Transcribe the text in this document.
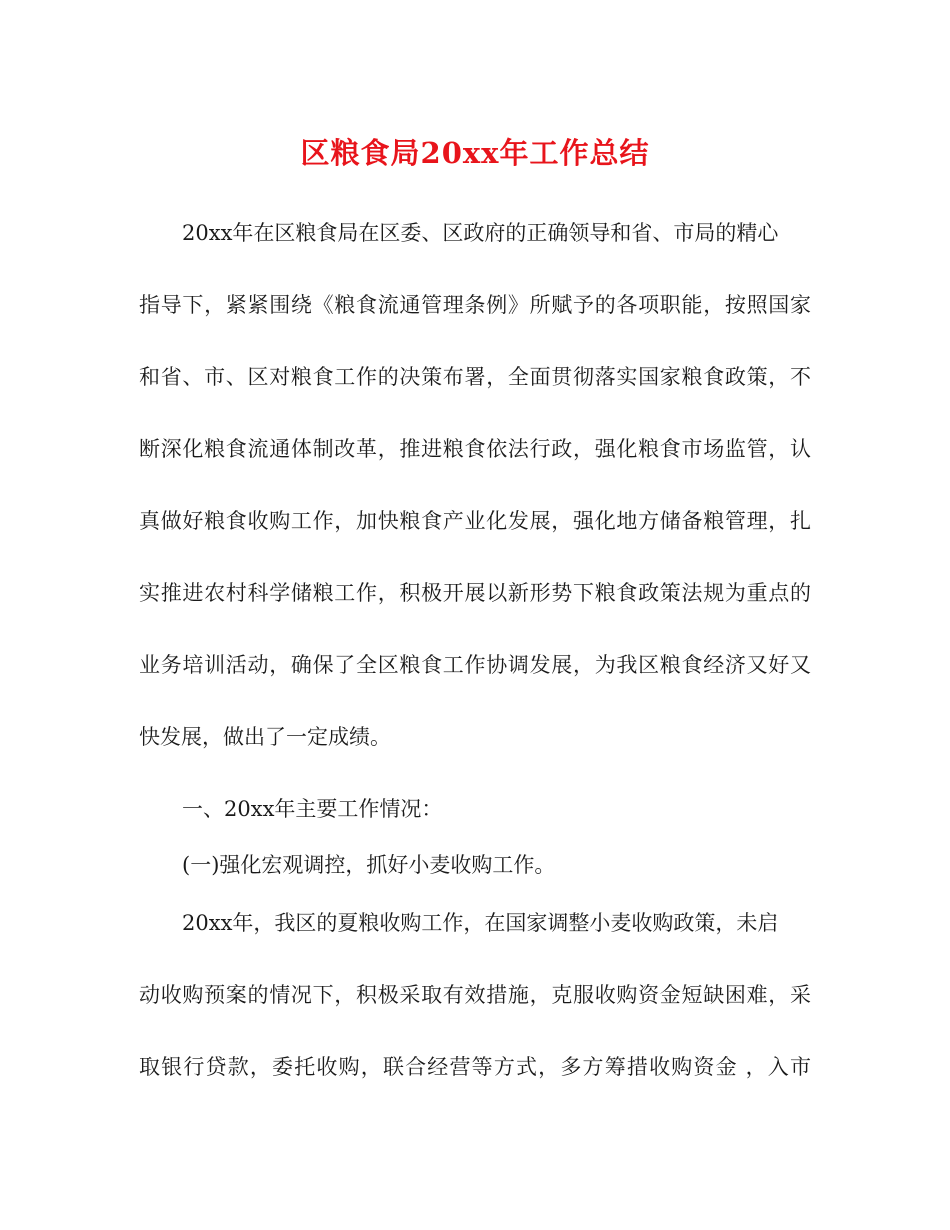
区粮食局20xx年工作总结
20xx年在区粮食局在区委、区政府的正确领导和省、市局的精心
指导下，紧紧围绕《粮食流通管理条例》所赋予的各项职能，按照国家
和省、市、区对粮食工作的决策布署，全面贯彻落实国家粮食政策，不
断深化粮食流通体制改革，推进粮食依法行政，强化粮食市场监管，认
真做好粮食收购工作，加快粮食产业化发展，强化地方储备粮管理，扎
实推进农村科学储粮工作，积极开展以新形势下粮食政策法规为重点的
业务培训活动，确保了全区粮食工作协调发展，为我区粮食经济又好又
快发展，做出了一定成绩。
一、20xx年主要工作情况：
(一)强化宏观调控，抓好小麦收购工作。
20xx年，我区的夏粮收购工作，在国家调整小麦收购政策，未启
动收购预案的情况下，积极采取有效措施，克服收购资金短缺困难，采
取银行贷款，委托收购，联合经营等方式，多方筹措收购资金 ，入市
